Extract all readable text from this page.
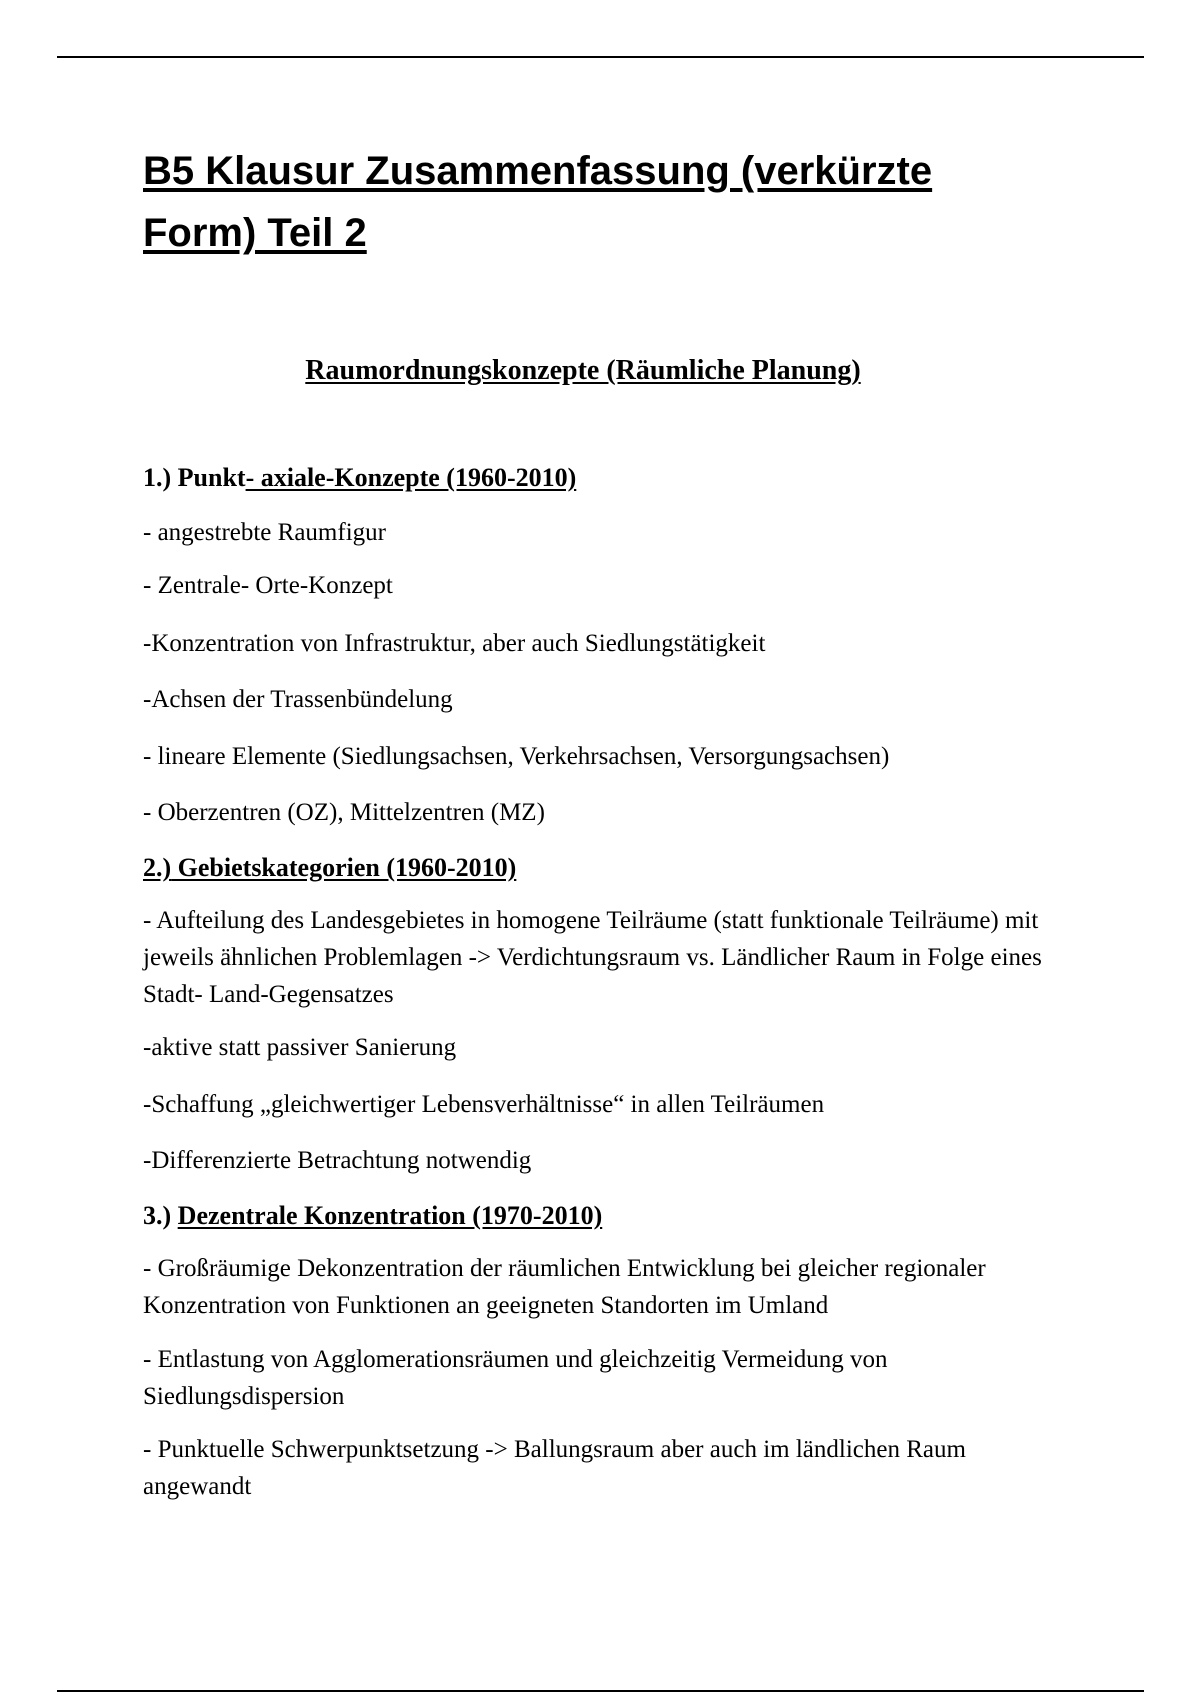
B5 Klausur Zusammenfassung (verkürzte Form) Teil 2
Raumordnungskonzepte (Räumliche Planung)
1.) Punkt- axiale-Konzepte (1960-2010)
- angestrebte Raumfigur
- Zentrale- Orte-Konzept
-Konzentration von Infrastruktur, aber auch Siedlungstätigkeit
-Achsen der Trassenbündelung
- lineare Elemente (Siedlungsachsen, Verkehrsachsen, Versorgungsachsen)
- Oberzentren (OZ), Mittelzentren (MZ)
2.) Gebietskategorien (1960-2010)
- Aufteilung des Landesgebietes in homogene Teilräume (statt funktionale Teilräume) mit jeweils ähnlichen Problemlagen -> Verdichtungsraum vs. Ländlicher Raum in Folge eines Stadt- Land-Gegensatzes
-aktive statt passiver Sanierung
-Schaffung „gleichwertiger Lebensverhältnisse“ in allen Teilräumen
-Differenzierte Betrachtung notwendig
3.) Dezentrale Konzentration (1970-2010)
- Großräumige Dekonzentration der räumlichen Entwicklung bei gleicher regionaler Konzentration von Funktionen an geeigneten Standorten im Umland
- Entlastung von Agglomerationsräumen und gleichzeitig Vermeidung von Siedlungsdispersion
- Punktuelle Schwerpunktsetzung -> Ballungsraum aber auch im ländlichen Raum angewandt
